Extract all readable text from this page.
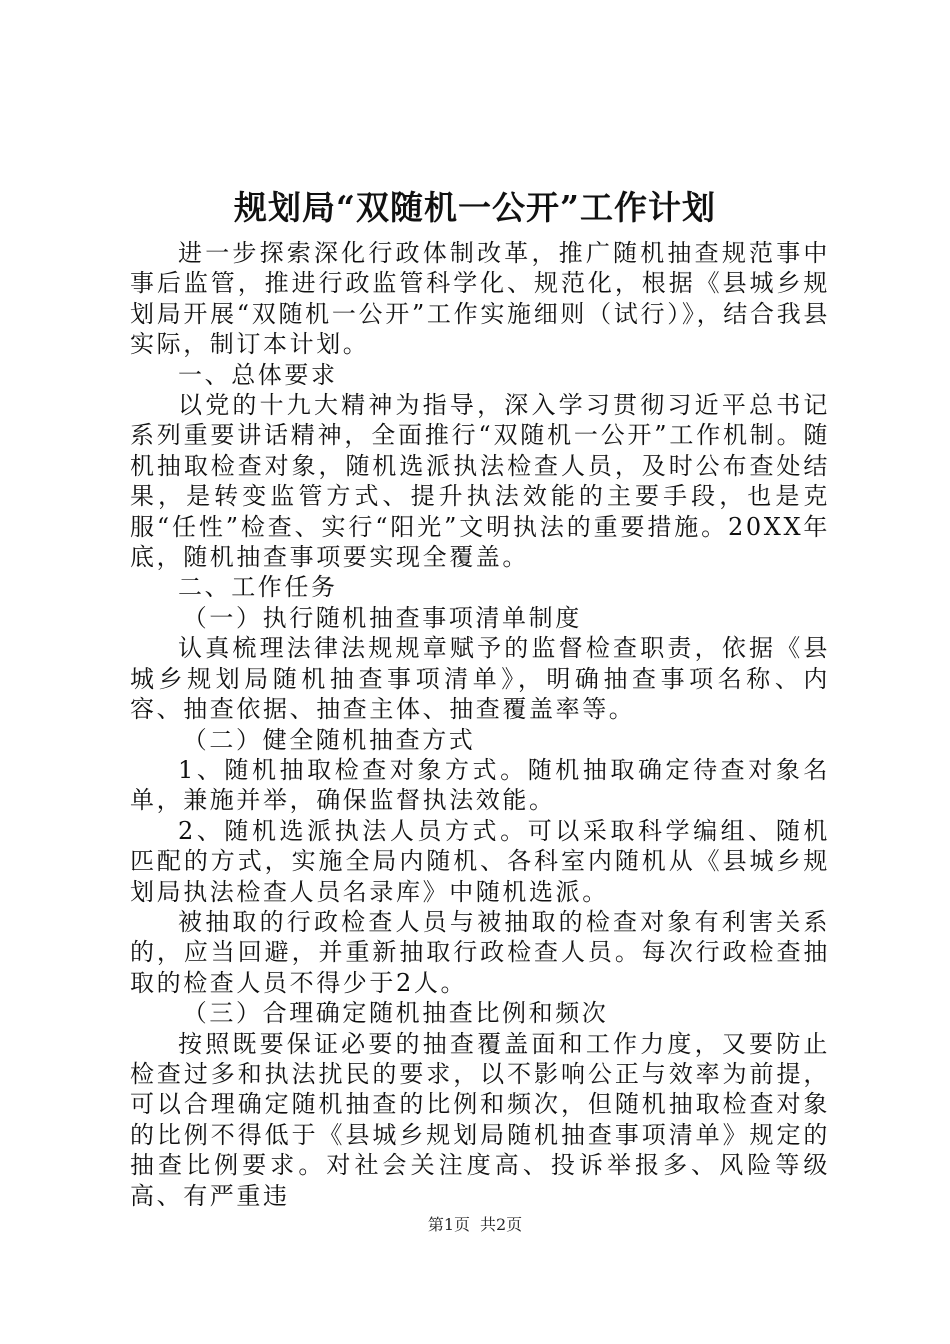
规划局“双随机一公开”工作计划

进一步探索深化行政体制改革，推广随机抽查规范事中事后监管，推进行政监管科学化、规范化，根据《县城乡规划局开展“双随机一公开”工作实施细则（试行）》，结合我县实际，制订本计划。

一、总体要求

以党的十九大精神为指导，深入学习贯彻习近平总书记系列重要讲话精神，全面推行“双随机一公开”工作机制。随机抽取检查对象，随机选派执法检查人员，及时公布查处结果，是转变监管方式、提升执法效能的主要手段，也是克服“任性”检查、实行“阳光”文明执法的重要措施。20XX年底，随机抽查事项要实现全覆盖。

二、工作任务

（一）执行随机抽查事项清单制度

认真梳理法律法规规章赋予的监督检查职责，依据《县城乡规划局随机抽查事项清单》，明确抽查事项名称、内容、抽查依据、抽查主体、抽查覆盖率等。

（二）健全随机抽查方式

1、随机抽取检查对象方式。随机抽取确定待查对象名单，兼施并举，确保监督执法效能。

2、随机选派执法人员方式。可以采取科学编组、随机匹配的方式，实施全局内随机、各科室内随机从《县城乡规划局执法检查人员名录库》中随机选派。

被抽取的行政检查人员与被抽取的检查对象有利害关系的，应当回避，并重新抽取行政检查人员。每次行政检查抽取的检查人员不得少于2人。

（三）合理确定随机抽查比例和频次

按照既要保证必要的抽查覆盖面和工作力度，又要防止检查过多和执法扰民的要求，以不影响公正与效率为前提，可以合理确定随机抽查的比例和频次，但随机抽取检查对象的比例不得低于《县城乡规划局随机抽查事项清单》规定的抽查比例要求。对社会关注度高、投诉举报多、风险等级高、有严重违

第1页 共2页
